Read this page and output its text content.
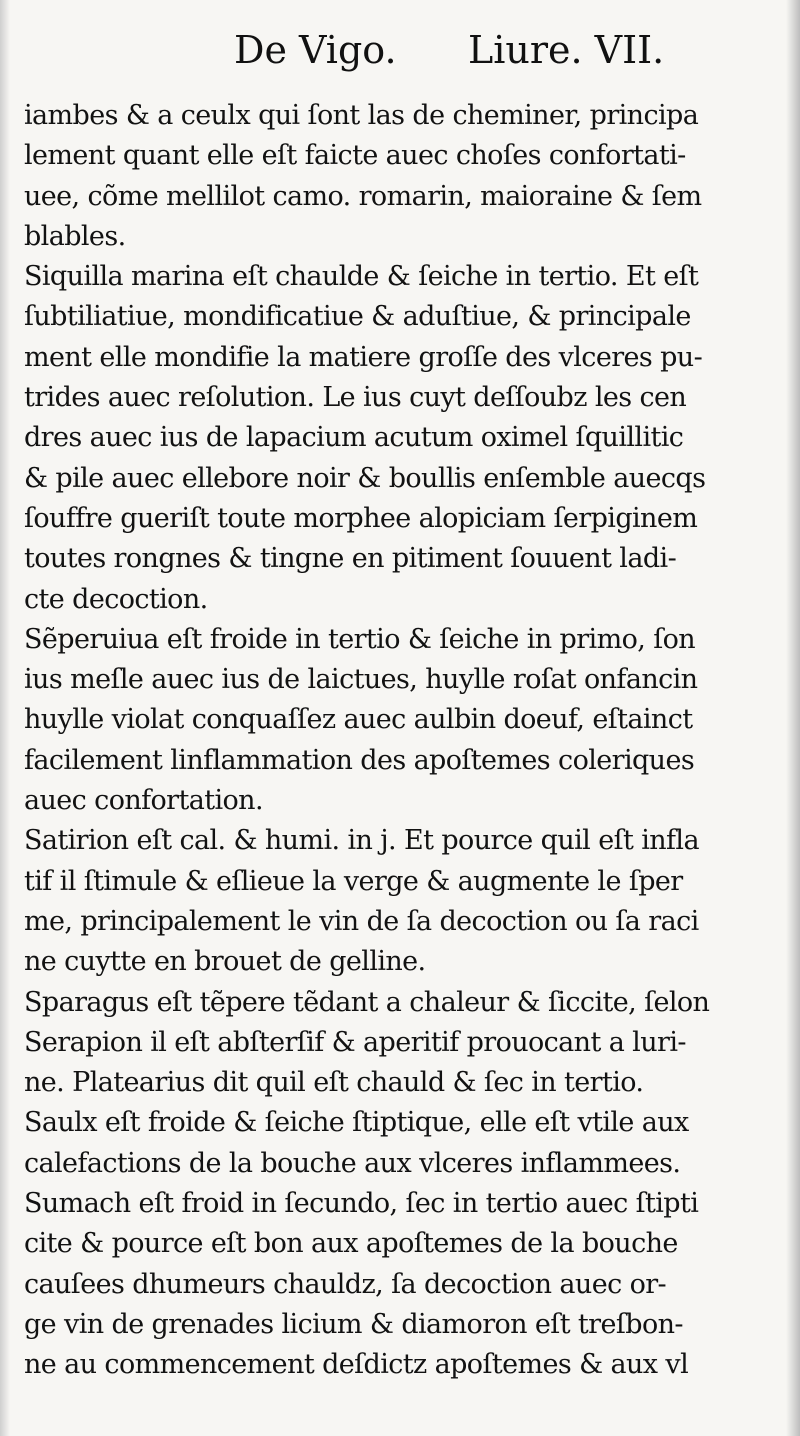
De Vigo. Liure. VII.
iambes & a ceulx qui ſont las de cheminer, principa
lement quant elle eſt faicte auec choſes confortati-
uee, cõme mellilot camo. romarin, maioraine & ſem
blables.
Siquilla marina eſt chaulde & ſeiche in tertio. Et eſt
ſubtiliatiue, mondificatiue & aduſtiue, & principale
ment elle mondifie la matiere groſſe des vlceres pu-
trides auec reſolution. Le ius cuyt deſſoubz les cen
dres auec ius de lapacium acutum oximel ſquillitic
& pile auec ellebore noir & boullis enſemble auecqs
ſouffre gueriſt toute morphee alopiciam ſerpiginem
toutes rongnes & tingne en pitiment ſouuent ladi-
cte decoction.
Sẽperuiua eſt froide in tertio & ſeiche in primo, ſon
ius meſle auec ius de laictues, huylle roſat onfancin
huylle violat conquaſſez auec aulbin doeuf, eſtainct
facilement linflammation des apoſtemes coleriques
auec confortation.
Satirion eſt cal. & humi. in j. Et pource quil eſt infla
tif il ſtimule & eſlieue la verge & augmente le ſper
me, principalement le vin de ſa decoction ou ſa raci
ne cuytte en brouet de gelline.
Sparagus eſt tẽpere tẽdant a chaleur & ſiccite, ſelon
Serapion il eſt abſterſif & aperitif prouocant a luri-
ne. Platearius dit quil eſt chauld & ſec in tertio.
Saulx eſt froide & ſeiche ſtiptique, elle eſt vtile aux
calefactions de la bouche aux vlceres inflammees.
Sumach eſt froid in ſecundo, ſec in tertio auec ſtipti
cite & pource eſt bon aux apoſtemes de la bouche
cauſees dhumeurs chauldz, ſa decoction auec or-
ge vin de grenades licium & diamoron eſt treſbon-
ne au commencement deſdictz apoſtemes & aux vl
